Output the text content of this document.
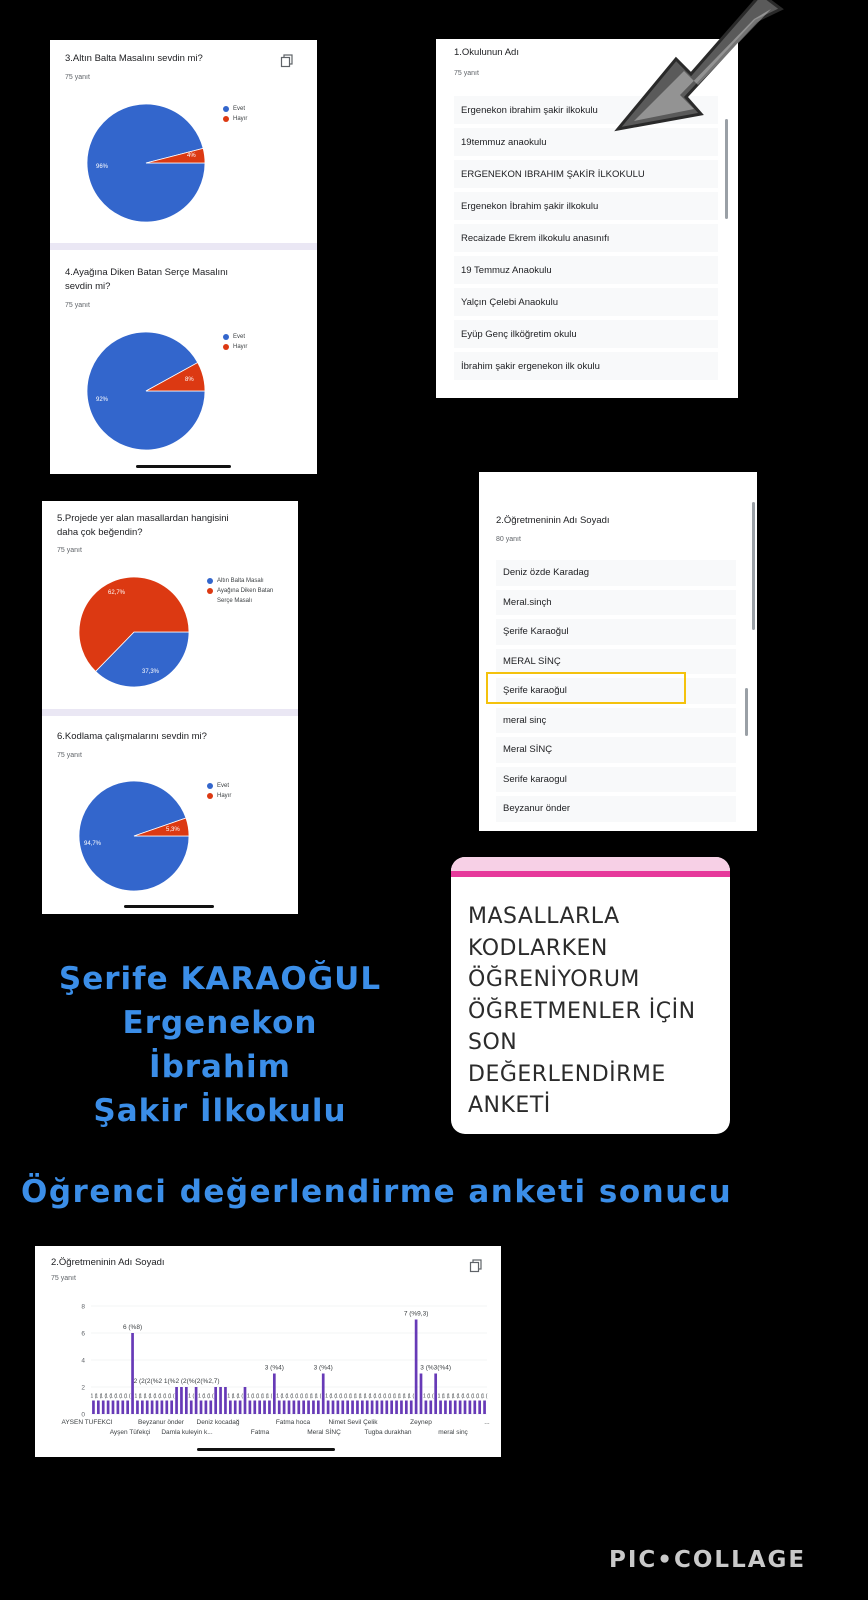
3.Altın Balta Masalını sevdin mi?
75 yanıt
96%
4%
Evet
Hayır
4.Ayağına Diken Batan Serçe Masalını
sevdin mi?
75 yanıt
92%
8%
Evet
Hayır
1.Okulunun Adı
75 yanıt
Ergenekon ibrahim şakir ilkokulu
19temmuz anaokulu
ERGENEKON IBRAHIM ŞAKİR İLKOKULU
Ergenekon İbrahim şakir ilkokulu
Recaizade Ekrem ilkokulu anasınıfı
19 Temmuz Anaokulu
Yalçın Çelebi Anaokulu
Eyüp Genç ilköğretim okulu
İbrahim şakir ergenekon ilk okulu
5.Projede yer alan masallardan hangisini
daha çok beğendin?
75 yanıt
37,3%
62,7%
Altın Balta Masalı
Ayağına Diken Batan
Serçe Masalı
6.Kodlama çalışmalarını sevdin mi?
75 yanıt
94,7%
5,3%
Evet
Hayır
2.Öğretmeninin Adı Soyadı
80 yanıt
Deniz özde Karadag
Meral.sinçh
Şerife Karaoğul
MERAL SİNÇ
Şerife karaoğul
meral sinç
Meral SİNÇ
Serife karaogul
Beyzanur önder
Şerife KARAOĞUL
Ergenekon İbrahim
Şakir İlkokulu
MASALLARLA
KODLARKEN
ÖĞRENİYORUM
ÖĞRETMENLER İÇİN
SON
DEĞERLENDİRME
ANKETİ
Öğrenci değerlendirme anketi sonucu
2.Öğretmeninin Adı Soyadı
75 yanıt
0
2
4
6
8
1 ( 1 ( 1 ( 1 ( 1 ( 1 ( 1 ( 1 ( 1 ( 1 ( 1 ( 1 ( 1 ( 1 ( 1 ( 1 (	1 ( 1 ( 1 ( 1 (	1 ( 1 ( 1 ( 1 ( 1 ( 1 ( 1 ( 1 ( 1 ( 1 ( 1 ( 1 ( 1 ( 1 ( 1 ( 1 ( 1 ( 1 ( 1 ( 1 ( 1 ( 1 ( 1 ( 1 ( 1 ( 1 ( 1 ( 1 ( 1 ( 1 ( 1 ( 1 ( 1 ( 1 ( 1 ( 1 ( 1 ( 1 ( 1 ( 1 ( 1 ( 1 ( 1 ( 1 ( 1 ( 1 ( 1 (
6 (%8)
2 (2(2(%2 1(%2 (2(%(2(%2,7)
3 (%4)	3 (%4)
7 (%9,3)
3 (%3(%4)
AYSEN TUFEKCI	Beyzanur önder Deniz kocadağ	Fatma hoca	Nimet Sevil Çelik	Zeynep	...
Ayşen Tüfekçi Damla kuleyin k...	Fatma	Meral SİNÇ	Tugba durakhan	meral sinç
PIC•COLLAGE
